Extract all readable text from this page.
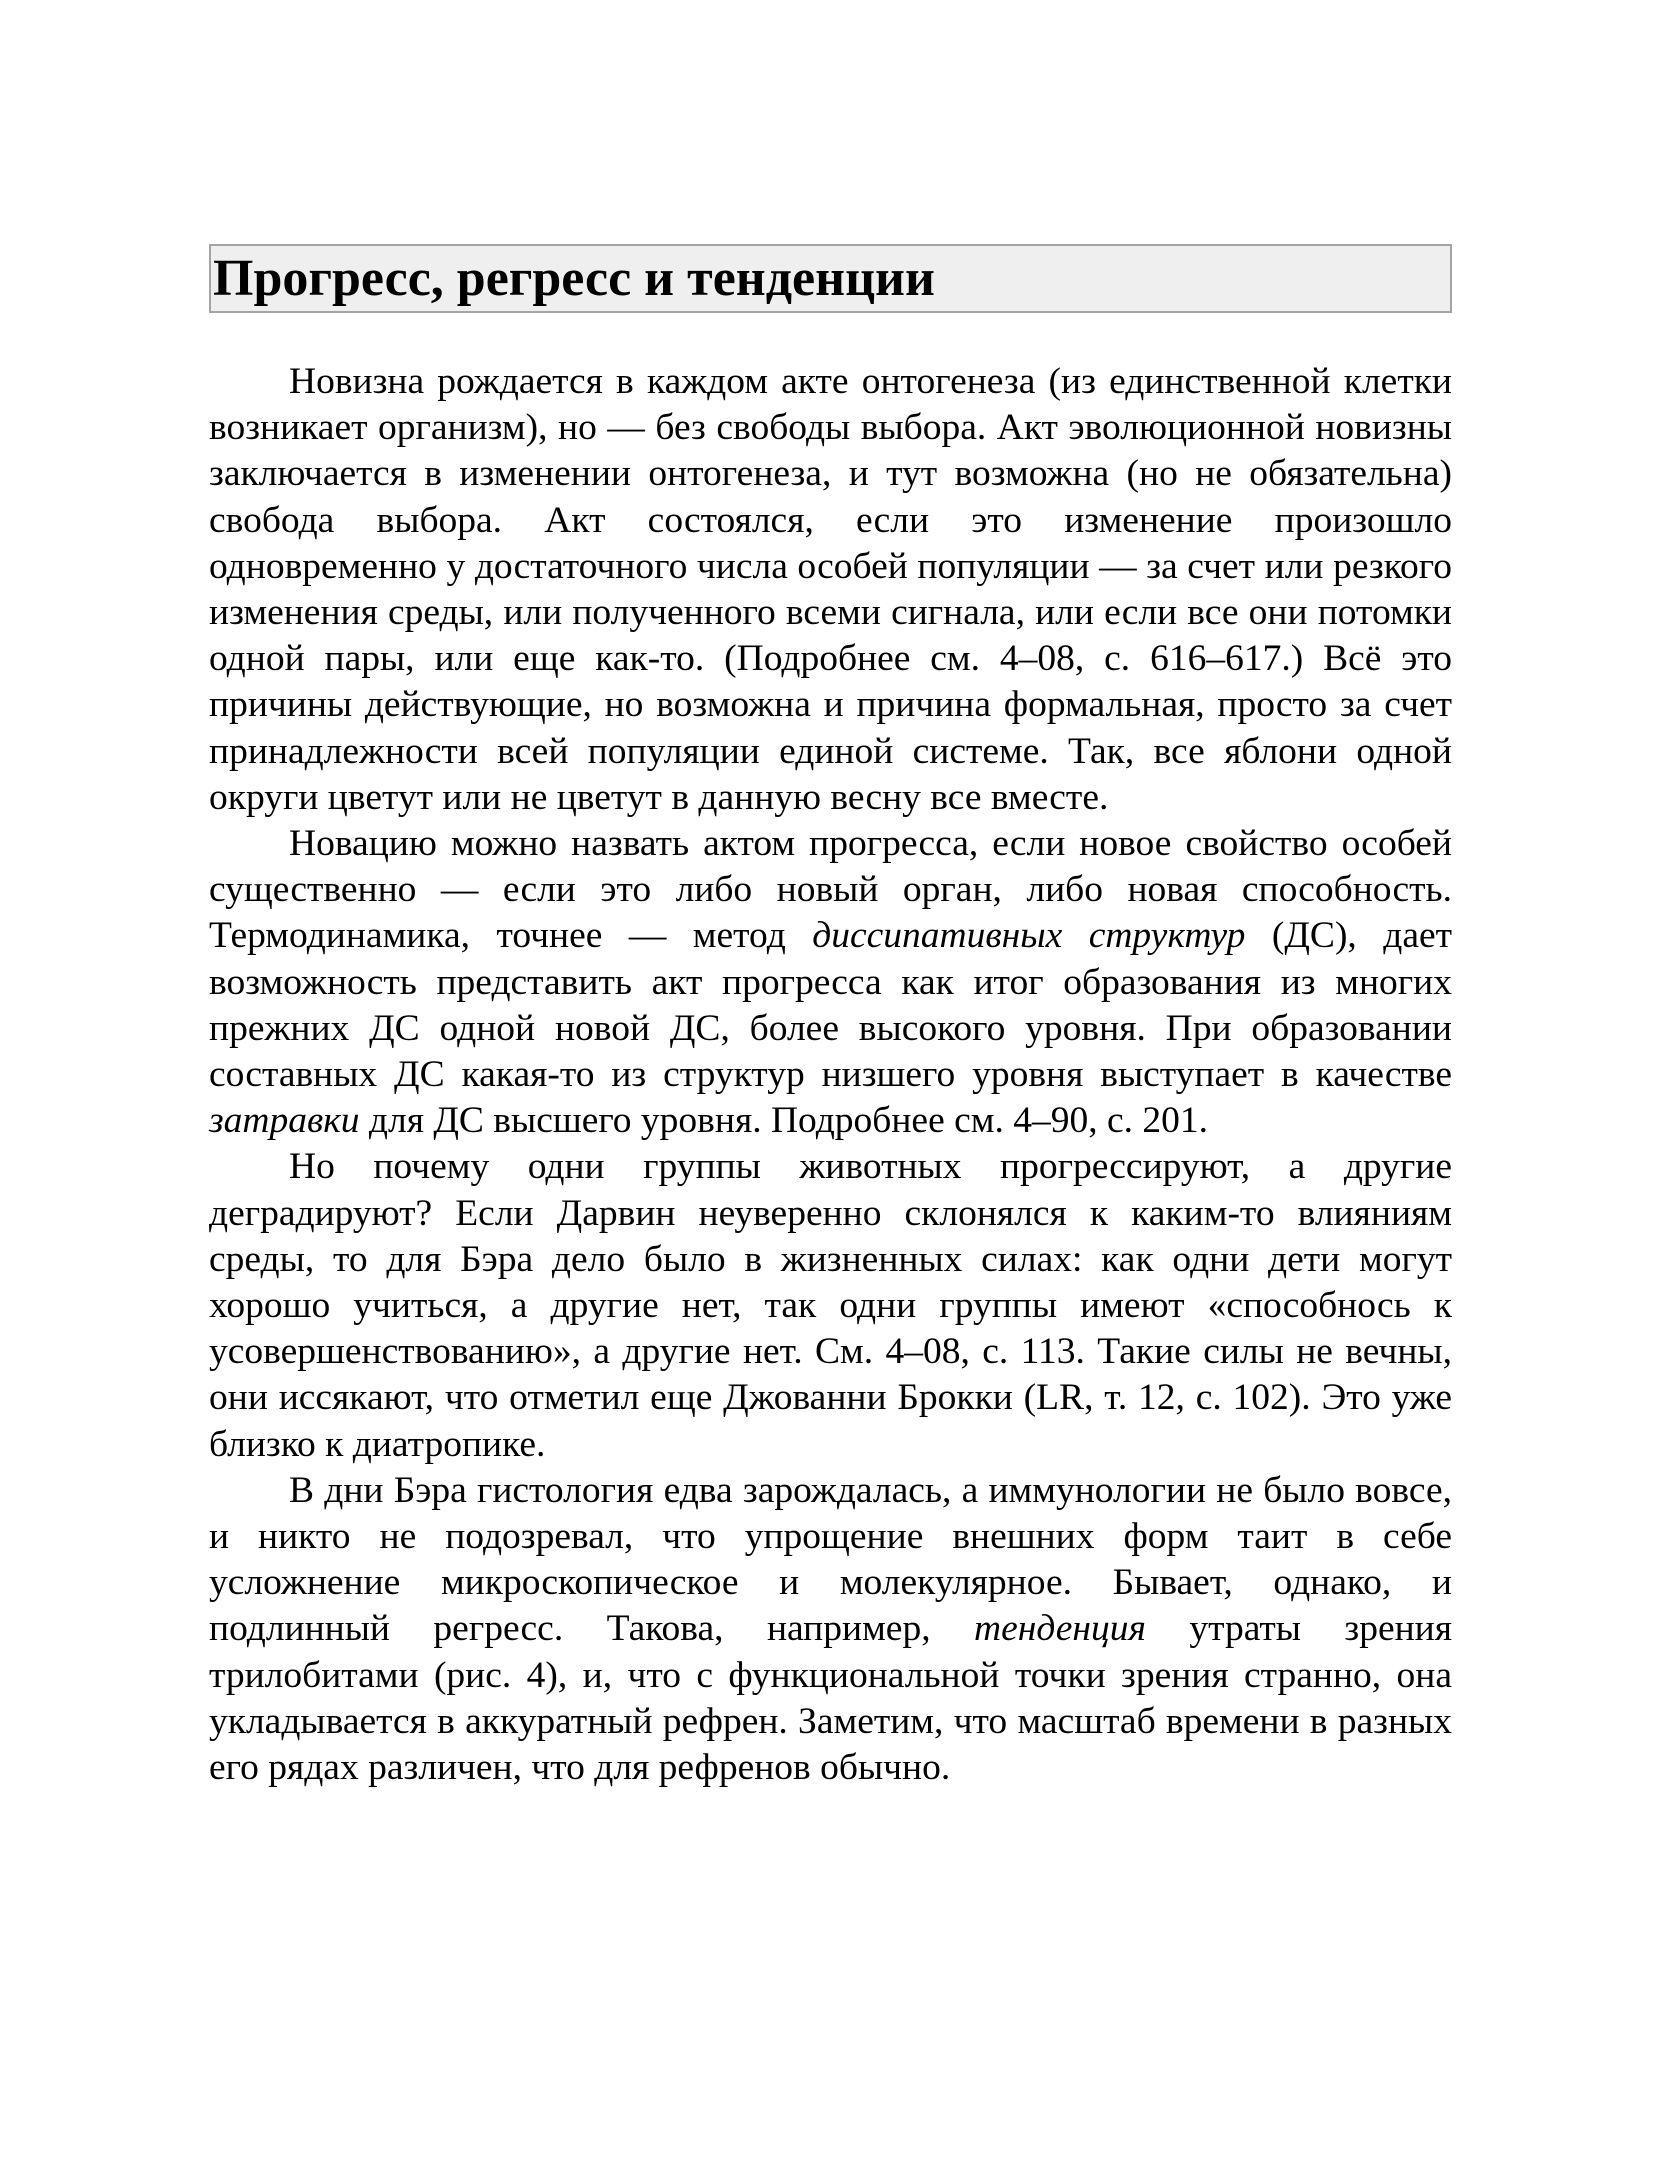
Прогресс, регресс и тенденции

Новизна рождается в каждом акте онтогенеза (из единственной клетки возникает организм), но — без свободы выбора. Акт эволюционной новизны заключается в изменении онтогенеза, и тут возможна (но не обязательна) свобода выбора. Акт состоялся, если это изменение произошло одновременно у достаточного числа особей популяции — за счет или резкого изменения среды, или полученного всеми сигнала, или если все они потомки одной пары, или еще как-то. (Подробнее см. 4–08, с. 616–617.) Всё это причины действующие, но возможна и причина формальная, просто за счет принадлежности всей популяции единой системе. Так, все яблони одной округи цветут или не цветут в данную весну все вместе.

Новацию можно назвать актом прогресса, если новое свойство особей существенно — если это либо новый орган, либо новая способность. Термодинамика, точнее — метод диссипативных структур (ДС), дает возможность представить акт прогресса как итог образования из многих прежних ДС одной новой ДС, более высокого уровня. При образовании составных ДС какая-то из структур низшего уровня выступает в качестве затравки для ДС высшего уровня. Подробнее см. 4–90, с. 201.

Но почему одни группы животных прогрессируют, а другие деградируют? Если Дарвин неуверенно склонялся к каким-то влияниям среды, то для Бэра дело было в жизненных силах: как одни дети могут хорошо учиться, а другие нет, так одни группы имеют «способнось к усовершенствованию», а другие нет. См. 4–08, с. 113. Такие силы не вечны, они иссякают, что отметил еще Джованни Брокки (LR, т. 12, с. 102). Это уже близко к диатропике.

В дни Бэра гистология едва зарождалась, а иммунологии не было вовсе, и никто не подозревал, что упрощение внешних форм таит в себе усложнение микроскопическое и молекулярное. Бывает, однако, и подлинный регресс. Такова, например, тенденция утраты зрения трилобитами (рис. 4), и, что с функциональной точки зрения странно, она укладывается в аккуратный рефрен. Заметим, что масштаб времени в разных его рядах различен, что для рефренов обычно.
